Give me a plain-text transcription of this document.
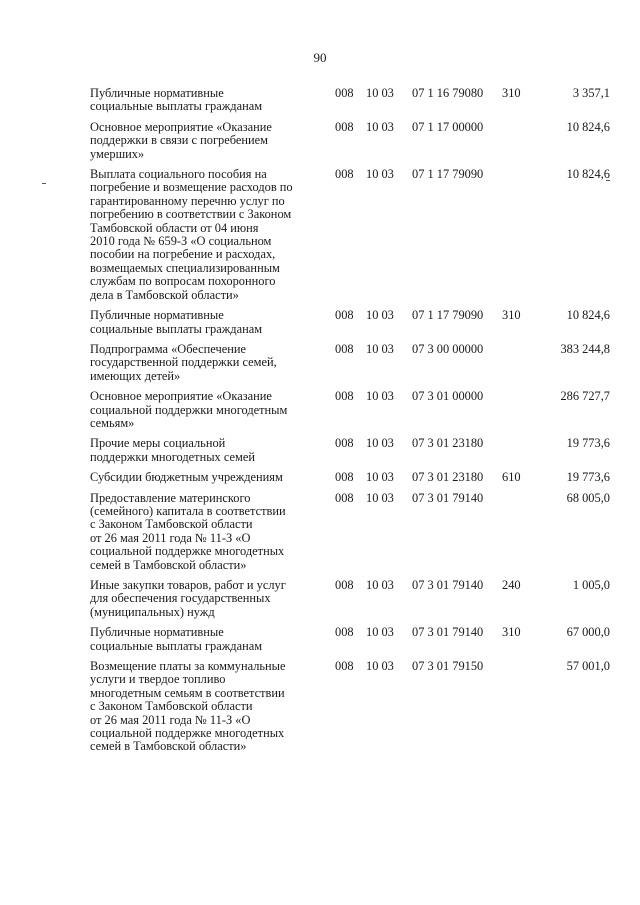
90
Публичные нормативные
социальные выплаты гражданам
008 10 03 07 1 16 79080 310	3 357,1
Основное мероприятие «Оказание
поддержки в связи с погребением
умерших»
008 10 03 07 1 17 00000	10 824,6
Выплата социального пособия на
погребение и возмещение расходов по
гарантированному перечню услуг по
погребению в соответствии с Законом
Тамбовской области от 04 июня
2010 года № 659-З «О социальном
пособии на погребение и расходах,
возмещаемых специализированным
службам по вопросам похоронного
дела в Тамбовской области»
008 10 03 07 1 17 79090	10 824,6
Публичные нормативные
социальные выплаты гражданам
008 10 03 07 1 17 79090 310	10 824,6
Подпрограмма «Обеспечение
государственной поддержки семей,
имеющих детей»
008 10 03 07 3 00 00000	383 244,8
Основное мероприятие «Оказание
социальной поддержки многодетным
семьям»
008 10 03 07 3 01 00000	286 727,7
Прочие меры социальной
поддержки многодетных семей
008 10 03 07 3 01 23180	19 773,6
Субсидии бюджетным учреждениям	008 10 03 07 3 01 23180 610	19 773,6
Предоставление материнского
(семейного) капитала в соответствии
с Законом Тамбовской области
от 26 мая 2011 года № 11-З «О
социальной поддержке многодетных
семей в Тамбовской области»
008 10 03 07 3 01 79140	68 005,0
Иные закупки товаров, работ и услуг
для обеспечения государственных
(муниципальных) нужд
008 10 03 07 3 01 79140 240	1 005,0
Публичные нормативные
социальные выплаты гражданам
008 10 03 07 3 01 79140 310	67 000,0
Возмещение платы за коммунальные
услуги и твердое топливо
многодетным семьям в соответствии
с Законом Тамбовской области
от 26 мая 2011 года № 11-З «О
социальной поддержке многодетных
семей в Тамбовской области»
008 10 03 07 3 01 79150	57 001,0
